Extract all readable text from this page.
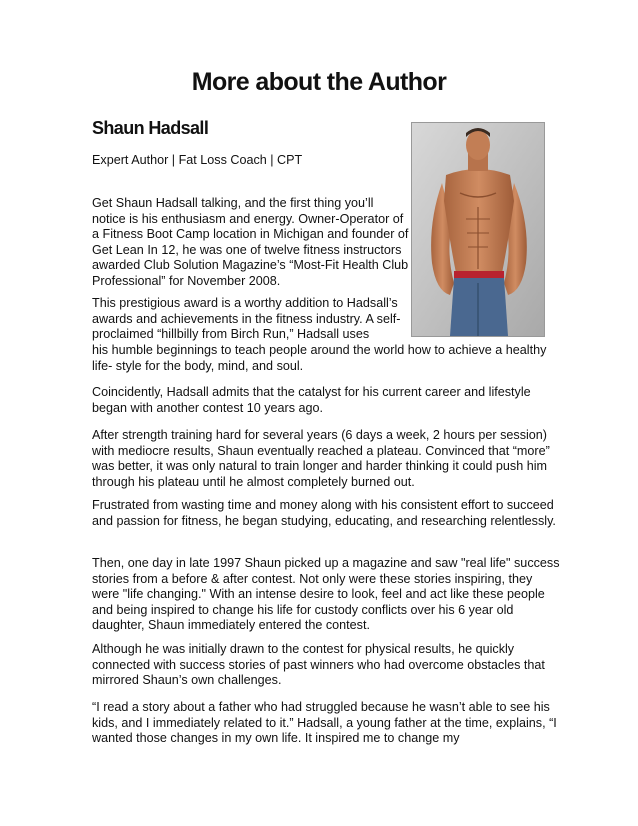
More about the Author
Shaun Hadsall

Expert Author | Fat Loss Coach | CPT

Get Shaun Hadsall talking, and the first thing you’ll notice is his enthusiasm and energy. Owner-Operator of a Fitness Boot Camp location in Michigan and founder of Get Lean In 12, he was one of twelve fitness instructors awarded Club Solution Magazine’s “Most-Fit Health Club Professional” for November 2008.

This prestigious award is a worthy addition to Hadsall’s awards and achievements in the fitness industry. A self-proclaimed “hillbilly from Birch Run,” Hadsall uses

his humble beginnings to teach people around the world how to achieve a healthy life- style for the body, mind, and soul.

Coincidently, Hadsall admits that the catalyst for his current career and lifestyle began with another contest 10 years ago.

After strength training hard for several years (6 days a week, 2 hours per session) with mediocre results, Shaun eventually reached a plateau. Convinced that “more” was better, it was only natural to train longer and harder thinking it could push him through his plateau until he almost completely burned out.

Frustrated from wasting time and money along with his consistent effort to succeed and passion for fitness, he began studying, educating, and researching relentlessly.

Then, one day in late 1997 Shaun picked up a magazine and saw "real life" success stories from a before & after contest. Not only were these stories inspiring, they were "life changing." With an intense desire to look, feel and act like these people and being inspired to change his life for custody conflicts over his 6 year old daughter, Shaun immediately entered the contest.

Although he was initially drawn to the contest for physical results, he quickly connected with success stories of past winners who had overcome obstacles that mirrored Shaun’s own challenges.

“I read a story about a father who had struggled because he wasn’t able to see his kids, and I immediately related to it.” Hadsall, a young father at the time, explains, “I wanted those changes in my own life. It inspired me to change my
